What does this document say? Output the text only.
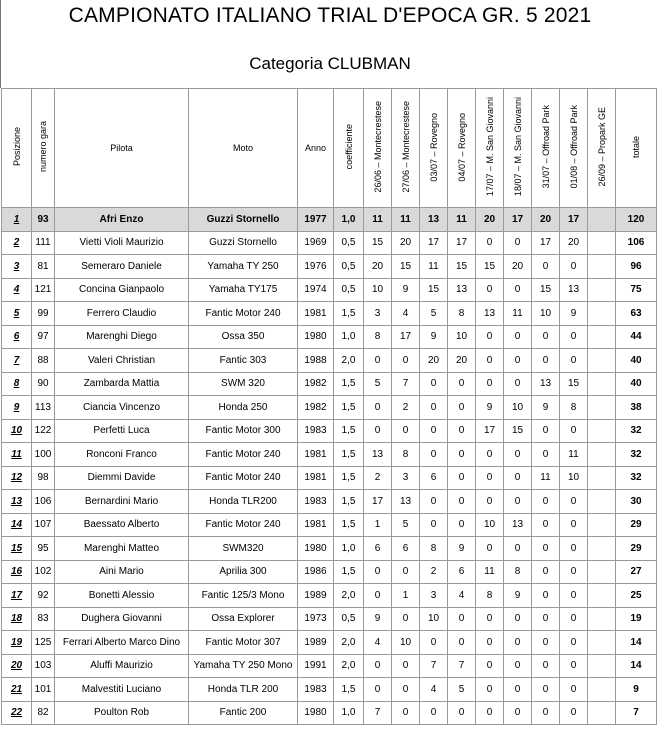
CAMPIONATO ITALIANO TRIAL D'EPOCA GR. 5 2021
Categoria CLUBMAN
Posizione	numero gara	Pilota	Moto	Anno	coefficiente	26/06 – Montecrestese	27/06 – Montecrestese	03/07 – Rovegno	04/07 – Rovegno	17/07 – M. San Giovanni	18/07 – M. San Giovanni	31/07 – Offroad Park	01/08 – Offroad Park	26/09 – Propark GE	totale
1	93	Afri Enzo	Guzzi Stornello	1977	1,0	11	11	13	11	20	17	20	17		120
2	111	Vietti Violi Maurizio	Guzzi Stornello	1969	0,5	15	20	17	17	0	0	17	20		106
3	81	Semeraro Daniele	Yamaha TY 250	1976	0,5	20	15	11	15	15	20	0	0		96
4	121	Concina Gianpaolo	Yamaha TY175	1974	0,5	10	9	15	13	0	0	15	13		75
5	99	Ferrero Claudio	Fantic Motor 240	1981	1,5	3	4	5	8	13	11	10	9		63
6	97	Marenghi Diego	Ossa 350	1980	1,0	8	17	9	10	0	0	0	0		44
7	88	Valeri Christian	Fantic 303	1988	2,0	0	0	20	20	0	0	0	0		40
8	90	Zambarda Mattia	SWM 320	1982	1,5	5	7	0	0	0	0	13	15		40
9	113	Ciancia Vincenzo	Honda 250	1982	1,5	0	2	0	0	9	10	9	8		38
10	122	Perfetti Luca	Fantic Motor 300	1983	1,5	0	0	0	0	17	15	0	0		32
11	100	Ronconi Franco	Fantic Motor 240	1981	1,5	13	8	0	0	0	0	0	11		32
12	98	Diemmi Davide	Fantic Motor 240	1981	1,5	2	3	6	0	0	0	11	10		32
13	106	Bernardini Mario	Honda TLR200	1983	1,5	17	13	0	0	0	0	0	0		30
14	107	Baessato Alberto	Fantic Motor 240	1981	1,5	1	5	0	0	10	13	0	0		29
15	95	Marenghi Matteo	SWM320	1980	1,0	6	6	8	9	0	0	0	0		29
16	102	Aini Mario	Aprilia 300	1986	1,5	0	0	2	6	11	8	0	0		27
17	92	Bonetti Alessio	Fantic 125/3 Mono	1989	2,0	0	1	3	4	8	9	0	0		25
18	83	Dughera Giovanni	Ossa Explorer	1973	0,5	9	0	10	0	0	0	0	0		19
19	125	Ferrari Alberto Marco Dino	Fantic Motor 307	1989	2,0	4	10	0	0	0	0	0	0		14
20	103	Aluffi Maurizio	Yamaha TY 250 Mono	1991	2,0	0	0	7	7	0	0	0	0		14
21	101	Malvestiti Luciano	Honda TLR 200	1983	1,5	0	0	4	5	0	0	0	0		9
22	82	Poulton Rob	Fantic 200	1980	1,0	7	0	0	0	0	0	0	0		7
